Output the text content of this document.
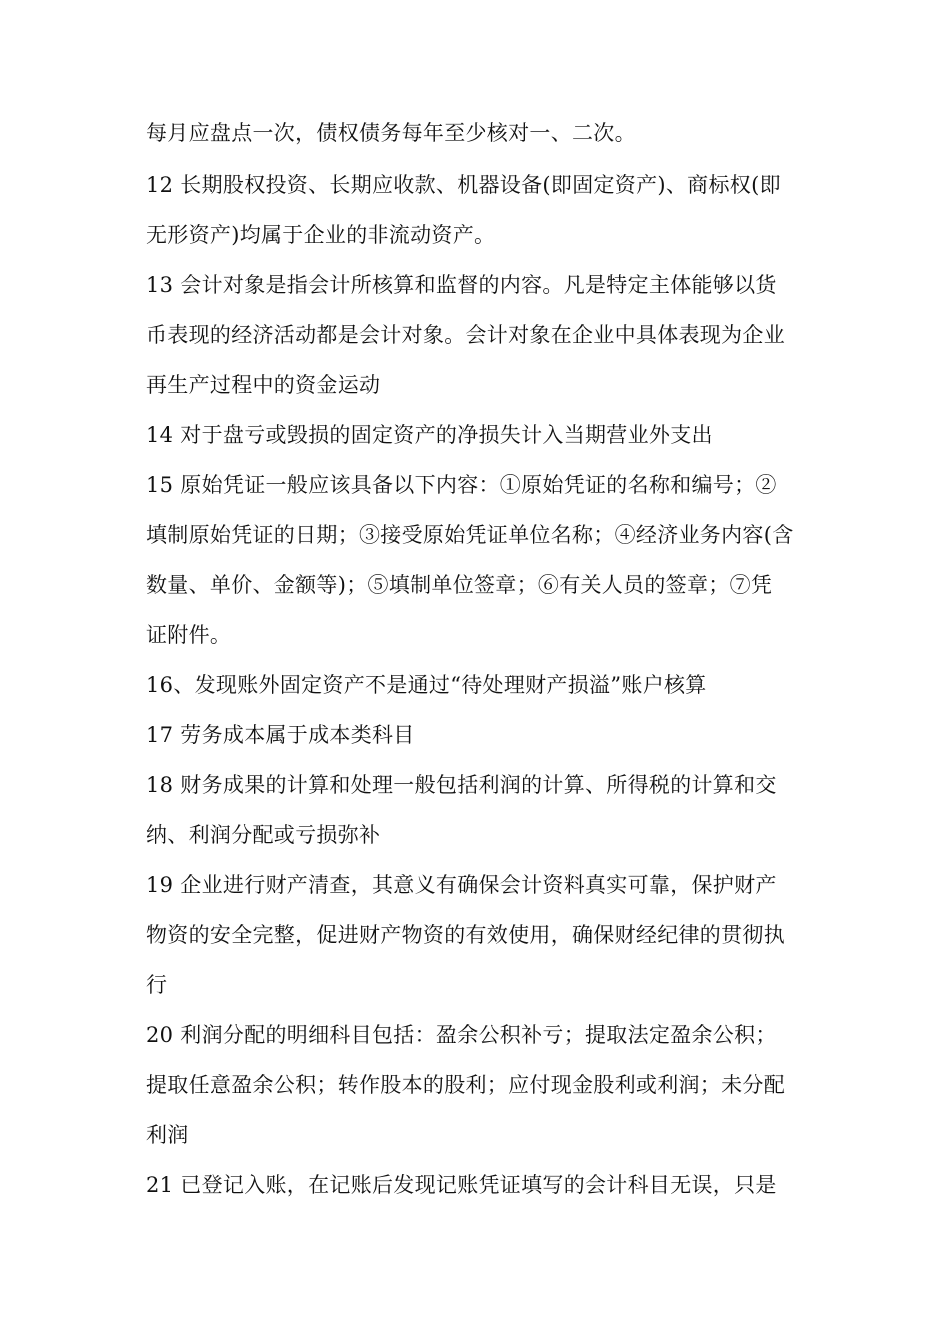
每月应盘点一次，债权债务每年至少核对一、二次。
12 长期股权投资、长期应收款、机器设备(即固定资产)、商标权(即
无形资产)均属于企业的非流动资产。
13 会计对象是指会计所核算和监督的内容。凡是特定主体能够以货
币表现的经济活动都是会计对象。会计对象在企业中具体表现为企业
再生产过程中的资金运动
14 对于盘亏或毁损的固定资产的净损失计入当期营业外支出
15 原始凭证一般应该具备以下内容：①原始凭证的名称和编号；②
填制原始凭证的日期；③接受原始凭证单位名称；④经济业务内容(含
数量、单价、金额等)；⑤填制单位签章；⑥有关人员的签章；⑦凭
证附件。
16、发现账外固定资产不是通过“待处理财产损溢”账户核算
17 劳务成本属于成本类科目
18 财务成果的计算和处理一般包括利润的计算、所得税的计算和交
纳、利润分配或亏损弥补
19 企业进行财产清查，其意义有确保会计资料真实可靠，保护财产
物资的安全完整，促进财产物资的有效使用，确保财经纪律的贯彻执
行
20 利润分配的明细科目包括：盈余公积补亏；提取法定盈余公积；
提取任意盈余公积；转作股本的股利；应付现金股利或利润；未分配
利润
21 已登记入账，在记账后发现记账凭证填写的会计科目无误，只是
